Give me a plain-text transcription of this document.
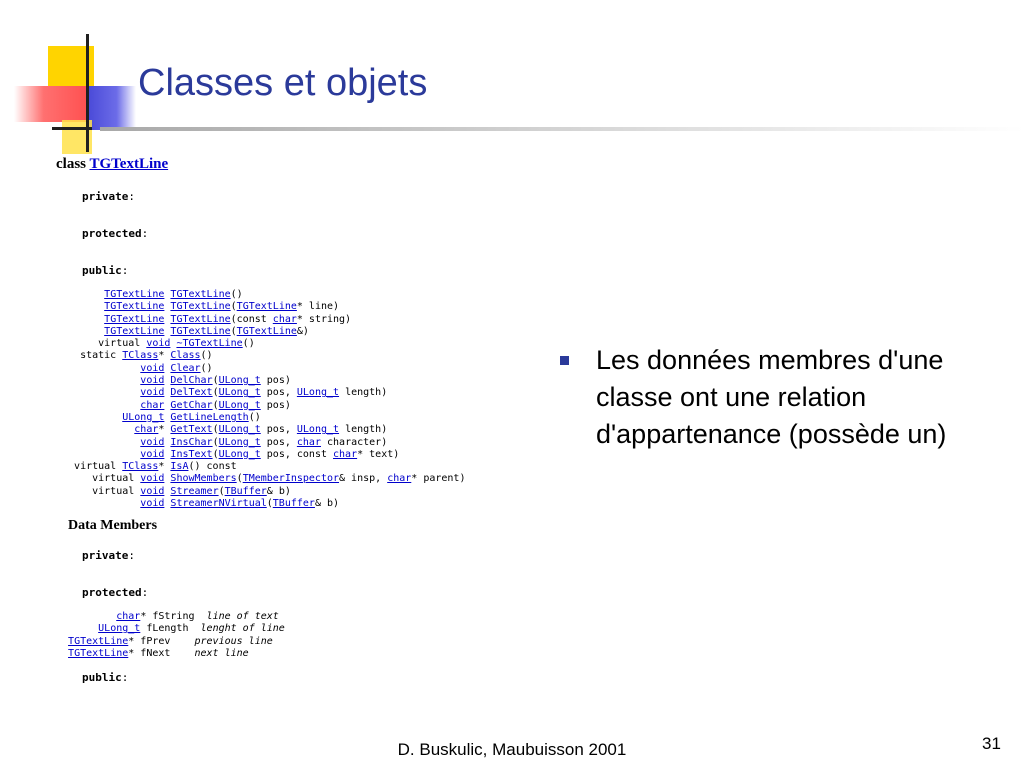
Classes et objets
class TGTextLine
private:
protected:
public:
TGTextLine TGTextLine()
TGTextLine TGTextLine(TGTextLine* line)
TGTextLine TGTextLine(const char* string)
TGTextLine TGTextLine(TGTextLine&)
virtual void ~TGTextLine()
static TClass* Class()
void Clear()
void DelChar(ULong_t pos)
void DelText(ULong_t pos, ULong_t length)
char GetChar(ULong_t pos)
ULong_t GetLineLength()
char* GetText(ULong_t pos, ULong_t length)
void InsChar(ULong_t pos, char character)
void InsText(ULong_t pos, const char* text)
virtual TClass* IsA() const
virtual void ShowMembers(TMemberInspector& insp, char* parent)
virtual void Streamer(TBuffer& b)
void StreamerNVirtual(TBuffer& b)
Data Members
private:
protected:
char* fString  line of text
ULong_t fLength  lenght of line
TGTextLine* fPrev    previous line
TGTextLine* fNext    next line
public:

Les données membres d'une classe ont une relation d'appartenance (possède un)

D. Buskulic, Maubuisson 2001	31
